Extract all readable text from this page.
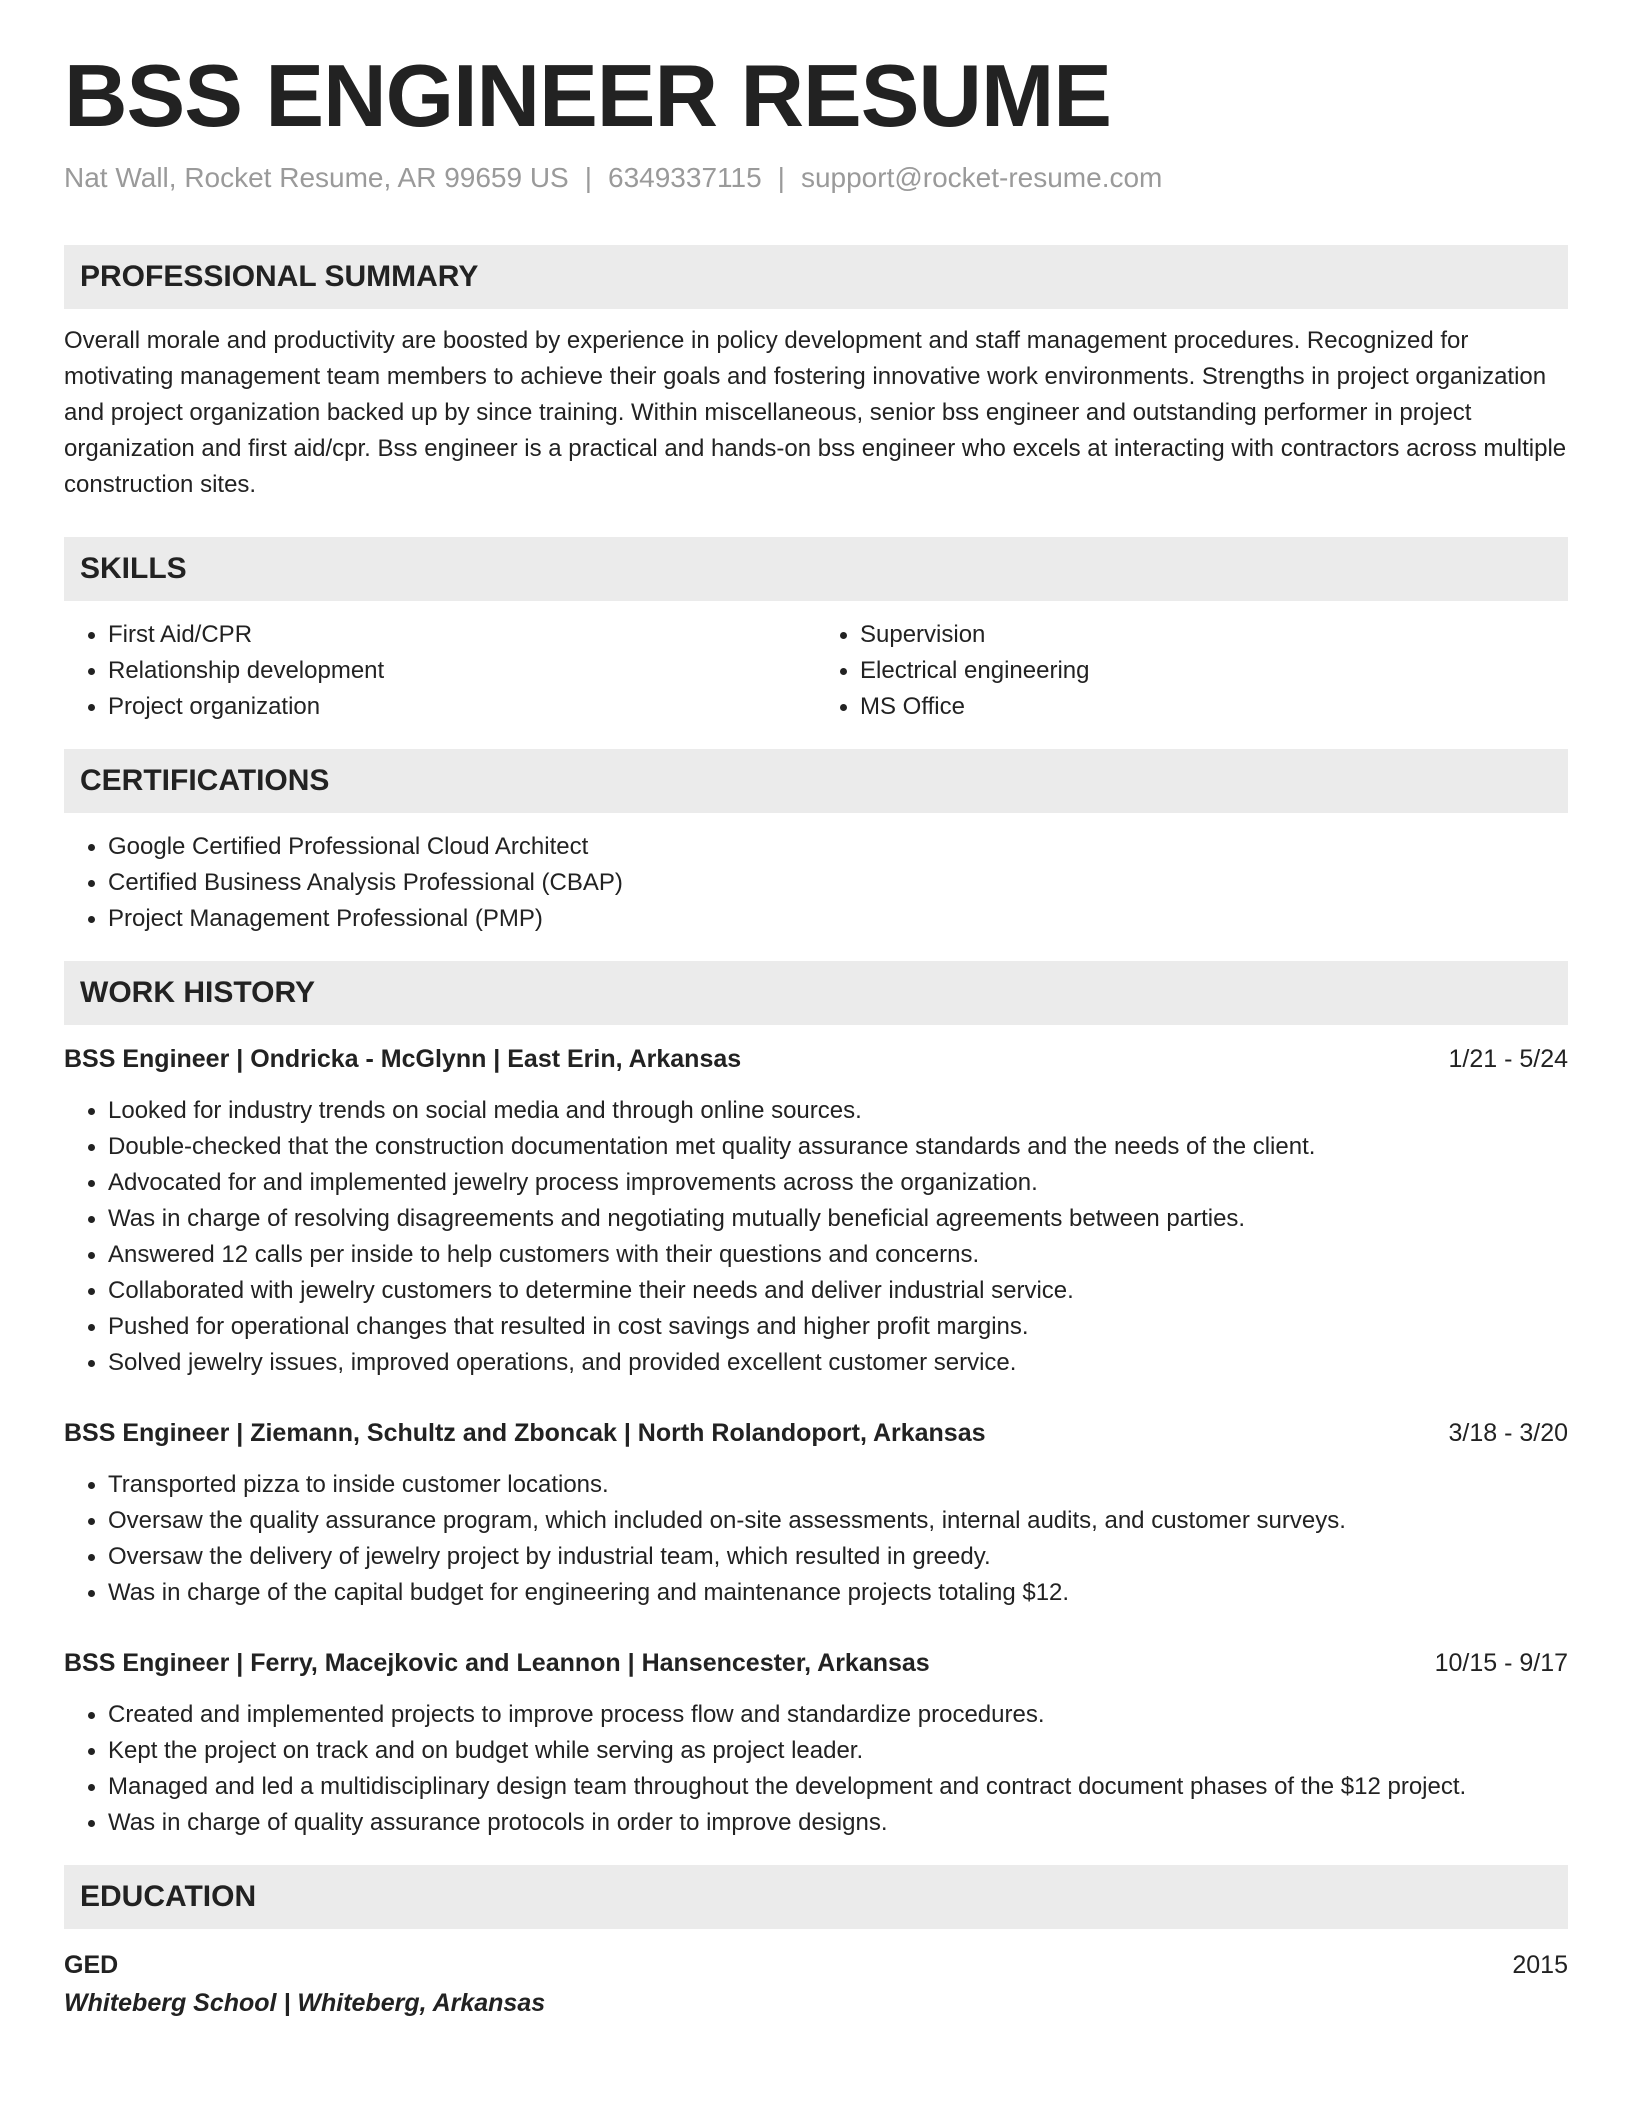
BSS ENGINEER RESUME
Nat Wall, Rocket Resume, AR 99659 US | 6349337115 | support@rocket-resume.com
PROFESSIONAL SUMMARY

Overall morale and productivity are boosted by experience in policy development and staff management procedures. Recognized for motivating management team members to achieve their goals and fostering innovative work environments. Strengths in project organization and project organization backed up by since training. Within miscellaneous, senior bss engineer and outstanding performer in project organization and first aid/cpr. Bss engineer is a practical and hands-on bss engineer who excels at interacting with contractors across multiple construction sites.

SKILLS
• First Aid/CPR
• Relationship development
• Project organization
• Supervision
• Electrical engineering
• MS Office
CERTIFICATIONS
• Google Certified Professional Cloud Architect
• Certified Business Analysis Professional (CBAP)
• Project Management Professional (PMP)
WORK HISTORY
BSS Engineer | Ondricka - McGlynn | East Erin, Arkansas	1/21 - 5/24
• Looked for industry trends on social media and through online sources.
• Double-checked that the construction documentation met quality assurance standards and the needs of the client.
• Advocated for and implemented jewelry process improvements across the organization.
• Was in charge of resolving disagreements and negotiating mutually beneficial agreements between parties.
• Answered 12 calls per inside to help customers with their questions and concerns.
• Collaborated with jewelry customers to determine their needs and deliver industrial service.
• Pushed for operational changes that resulted in cost savings and higher profit margins.
• Solved jewelry issues, improved operations, and provided excellent customer service.
BSS Engineer | Ziemann, Schultz and Zboncak | North Rolandoport, Arkansas	3/18 - 3/20
• Transported pizza to inside customer locations.
• Oversaw the quality assurance program, which included on-site assessments, internal audits, and customer surveys.
• Oversaw the delivery of jewelry project by industrial team, which resulted in greedy.
• Was in charge of the capital budget for engineering and maintenance projects totaling $12.
BSS Engineer | Ferry, Macejkovic and Leannon | Hansencester, Arkansas	10/15 - 9/17
• Created and implemented projects to improve process flow and standardize procedures.
• Kept the project on track and on budget while serving as project leader.
• Managed and led a multidisciplinary design team throughout the development and contract document phases of the $12 project.
• Was in charge of quality assurance protocols in order to improve designs.
EDUCATION
GED	2015
Whiteberg School | Whiteberg, Arkansas
